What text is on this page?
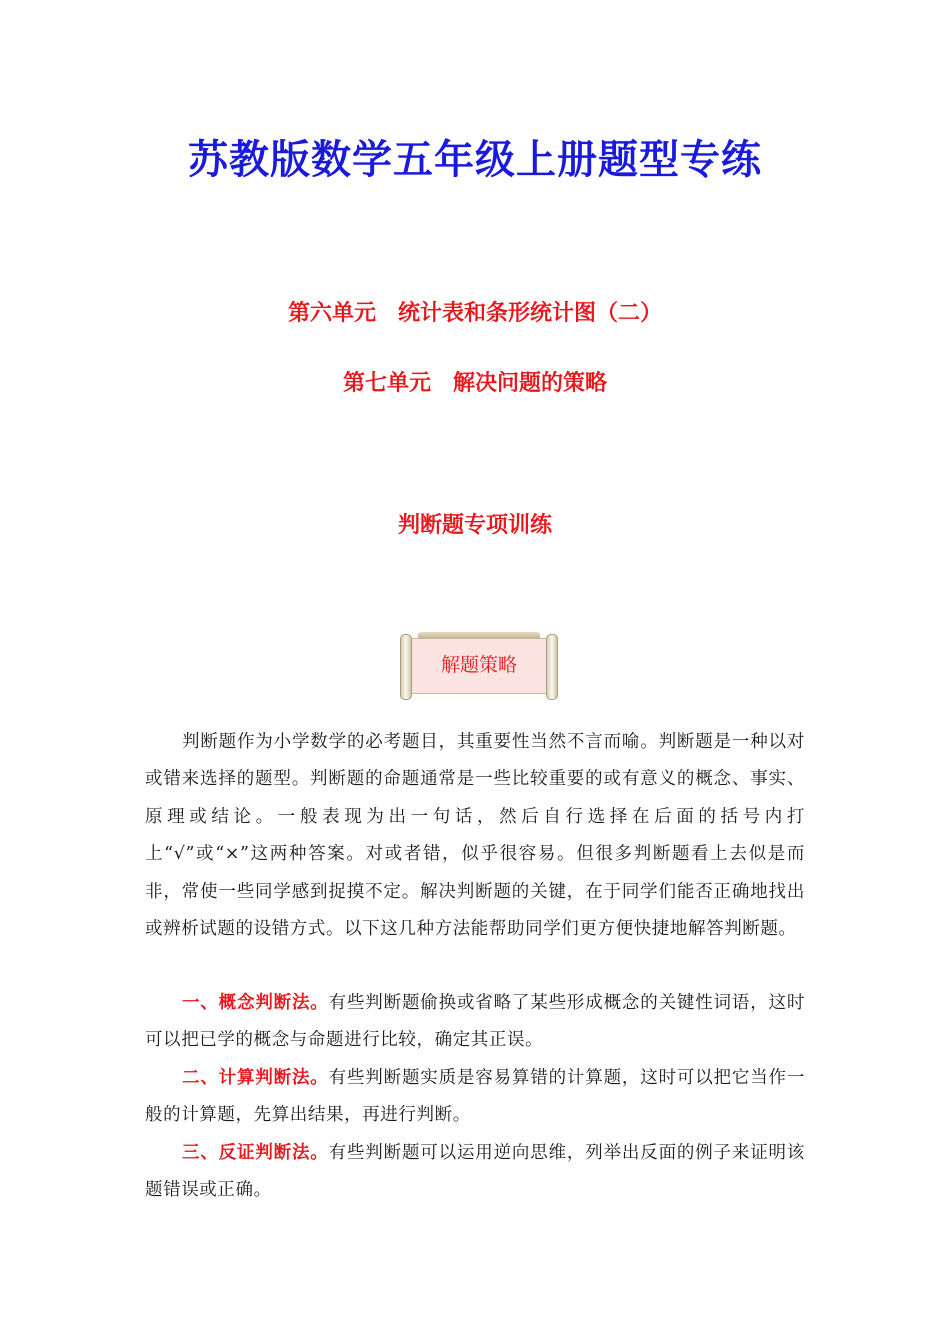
苏教版数学五年级上册题型专练
第六单元　统计表和条形统计图（二）
第七单元　解决问题的策略
判断题专项训练
解题策略
判断题作为小学数学的必考题目，其重要性当然不言而喻。判断题是一种以对或错来选择的题型。判断题的命题通常是一些比较重要的或有意义的概念、事实、原理或结论。一般表现为出一句话，然后自行选择在后面的括号内打上“√”或“×”这两种答案。对或者错，似乎很容易。但很多判断题看上去似是而非，常使一些同学感到捉摸不定。解决判断题的关键，在于同学们能否正确地找出或辨析试题的设错方式。以下这几种方法能帮助同学们更方便快捷地解答判断题。
一、概念判断法。有些判断题偷换或省略了某些形成概念的关键性词语，这时可以把已学的概念与命题进行比较，确定其正误。
二、计算判断法。有些判断题实质是容易算错的计算题，这时可以把它当作一般的计算题，先算出结果，再进行判断。
三、反证判断法。有些判断题可以运用逆向思维，列举出反面的例子来证明该题错误或正确。
